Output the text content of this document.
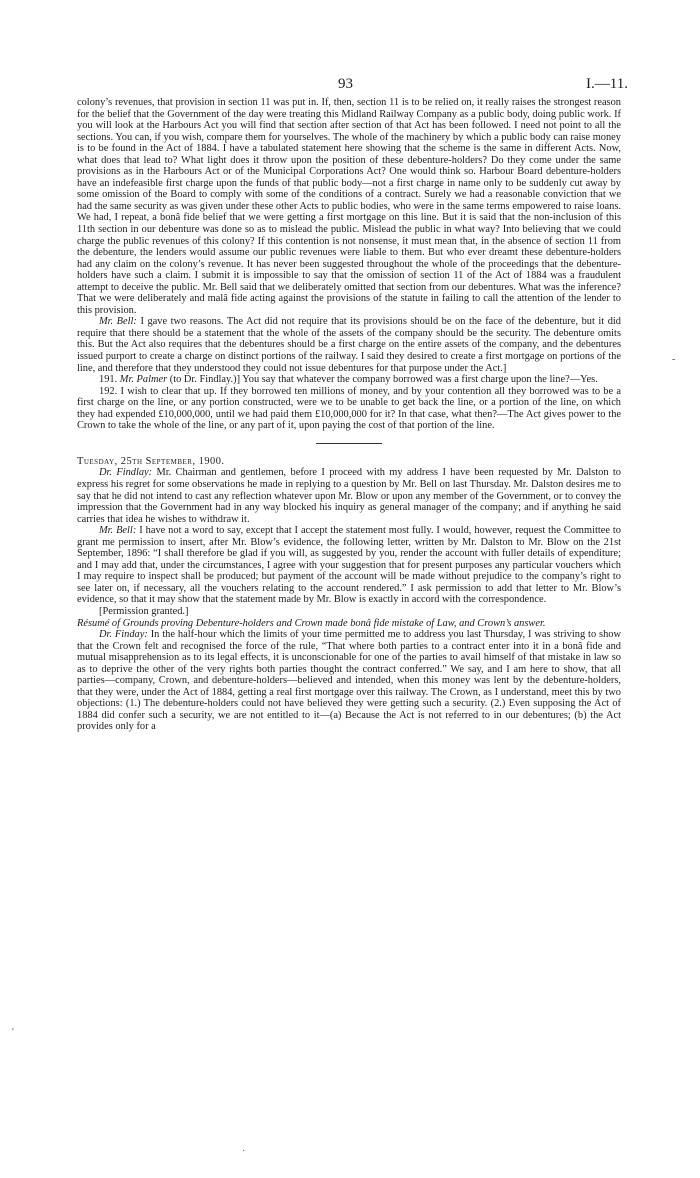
93	I.—11.

colony’s revenues, that provision in section 11 was put in. If, then, section 11 is to be relied on, it really raises the strongest reason for the belief that the Government of the day were treating this Midland Railway Company as a public body, doing public work. If you will look at the Harbours Act you will find that section after section of that Act has been followed. I need not point to all the sections. You can, if you wish, compare them for yourselves. The whole of the machinery by which a public body can raise money is to be found in the Act of 1884. I have a tabulated statement here showing that the scheme is the same in different Acts. Now, what does that lead to? What light does it throw upon the position of these debenture-holders? Do they come under the same provisions as in the Harbours Act or of the Municipal Corporations Act? One would think so. Harbour Board debenture-holders have an indefeasible first charge upon the funds of that public body—not a first charge in name only to be suddenly cut away by some omission of the Board to comply with some of the conditions of a contract. Surely we had a reasonable conviction that we had the same security as was given under these other Acts to public bodies, who were in the same terms empowered to raise loans. We had, I repeat, a bonâ fide belief that we were getting a first mortgage on this line. But it is said that the non-inclusion of this 11th section in our debenture was done so as to mislead the public. Mislead the public in what way? Into believing that we could charge the public revenues of this colony? If this contention is not nonsense, it must mean that, in the absence of section 11 from the debenture, the lenders would assume our public revenues were liable to them. But who ever dreamt these debenture-holders had any claim on the colony’s revenue. It has never been suggested throughout the whole of the proceedings that the debenture-holders have such a claim. I submit it is impossible to say that the omission of section 11 of the Act of 1884 was a fraudulent attempt to deceive the public. Mr. Bell said that we deliberately omitted that section from our debentures. What was the inference? That we were deliberately and malâ fide acting against the provisions of the statute in failing to call the attention of the lender to this provision.

Mr. Bell: I gave two reasons. The Act did not require that its provisions should be on the face of the debenture, but it did require that there should be a statement that the whole of the assets of the company should be the security. The debenture omits this. But the Act also requires that the debentures should be a first charge on the entire assets of the company, and the debentures issued purport to create a charge on distinct portions of the railway. I said they desired to create a first mortgage on portions of the line, and therefore that they understood they could not issue debentures for that purpose under the Act.]

191. Mr. Palmer (to Dr. Findlay.)] You say that whatever the company borrowed was a first charge upon the line?—Yes.

192. I wish to clear that up. If they borrowed ten millions of money, and by your contention all they borrowed was to be a first charge on the line, or any portion constructed, were we to be unable to get back the line, or a portion of the line, on which they had expended £10,000,000, until we had paid them £10,000,000 for it? In that case, what then?—The Act gives power to the Crown to take the whole of the line, or any part of it, upon paying the cost of that portion of the line.

Tuesday, 25th September, 1900.

Dr. Findlay: Mr. Chairman and gentlemen, before I proceed with my address I have been requested by Mr. Dalston to express his regret for some observations he made in replying to a question by Mr. Bell on last Thursday. Mr. Dalston desires me to say that he did not intend to cast any reflection whatever upon Mr. Blow or upon any member of the Government, or to convey the impression that the Government had in any way blocked his inquiry as general manager of the company; and if anything he said carries that idea he wishes to withdraw it.

Mr. Bell: I have not a word to say, except that I accept the statement most fully. I would, however, request the Committee to grant me permission to insert, after Mr. Blow’s evidence, the following letter, written by Mr. Dalston to Mr. Blow on the 21st September, 1896: “I shall therefore be glad if you will, as suggested by you, render the account with fuller details of expenditure; and I may add that, under the circumstances, I agree with your suggestion that for present purposes any particular vouchers which I may require to inspect shall be produced; but payment of the account will be made without prejudice to the company’s right to see later on, if necessary, all the vouchers relating to the account rendered.” I ask permission to add that letter to Mr. Blow’s evidence, so that it may show that the statement made by Mr. Blow is exactly in accord with the correspondence.

[Permission granted.]

Résumé of Grounds proving Debenture-holders and Crown made bonâ fide mistake of Law, and Crown’s answer.

Dr. Finday: In the half-hour which the limits of your time permitted me to address you last Thursday, I was striving to show that the Crown felt and recognised the force of the rule, “That where both parties to a contract enter into it in a bonâ fide and mutual misapprehension as to its legal effects, it is unconscionable for one of the parties to avail himself of that mistake in law so as to deprive the other of the very rights both parties thought the contract conferred.” We say, and I am here to show, that all parties—company, Crown, and debenture-holders—believed and intended, when this money was lent by the debenture-holders, that they were, under the Act of 1884, getting a real first mortgage over this railway. The Crown, as I understand, meet this by two objections: (1.) The debenture-holders could not have believed they were getting such a security. (2.) Even supposing the Act of 1884 did confer such a security, we are not entitled to it—(a) Because the Act is not referred to in our debentures; (b) the Act provides only for a

-
'
·
